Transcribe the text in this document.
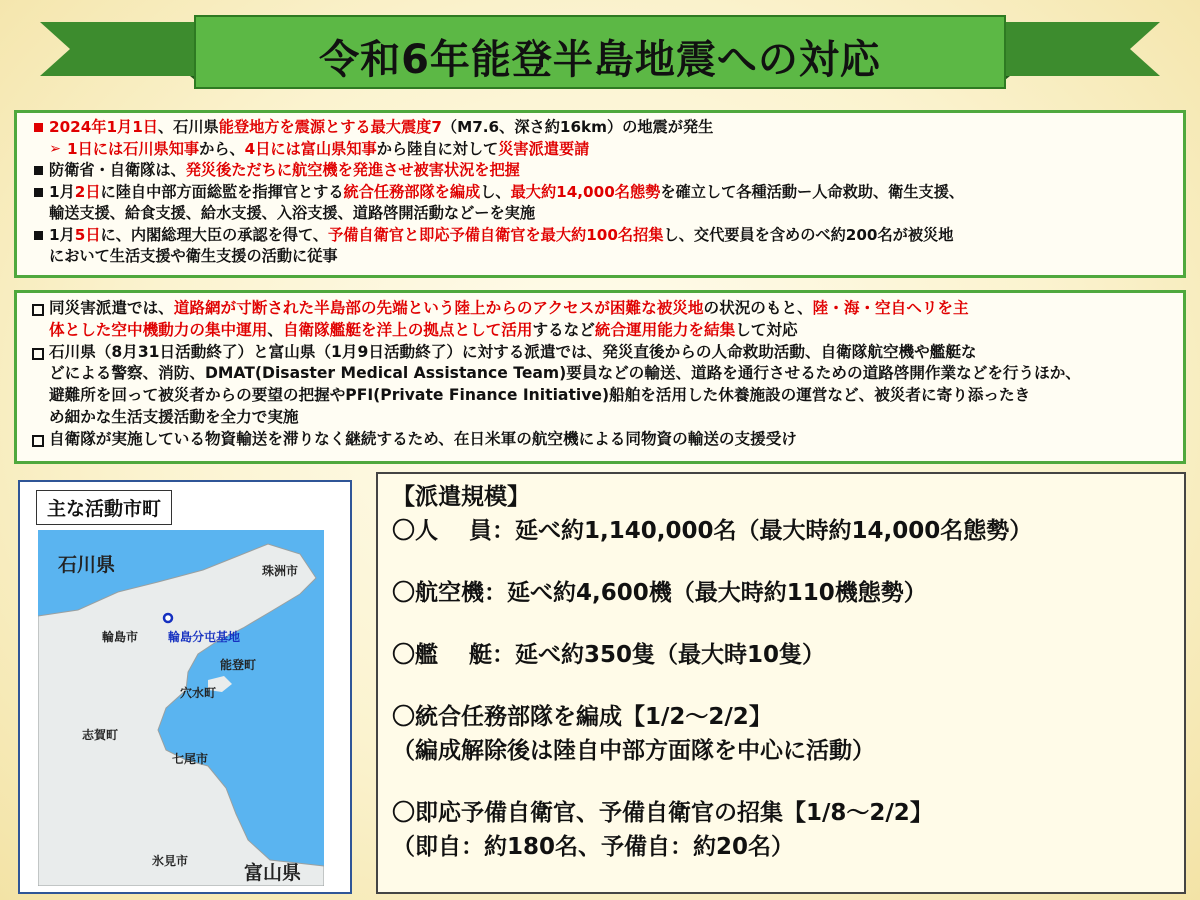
令和6年能登半島地震への対応
2024年1月1日、石川県能登地方を震源とする最大震度7（M7.6、深さ約16km）の地震が発生
➢ 1日には石川県知事から、4日には富山県知事から陸自に対して災害派遣要請
防衛省・自衛隊は、発災後ただちに航空機を発進させ被害状況を把握
1月2日に陸自中部方面総監を指揮官とする統合任務部隊を編成し、最大約14,000名態勢を確立して各種活動ー人命救助、衛生支援、
輸送支援、給食支援、給水支援、入浴支援、道路啓開活動などーを実施
1月5日に、内閣総理大臣の承認を得て、予備自衛官と即応予備自衛官を最大約100名招集し、交代要員を含めのべ約200名が被災地
において生活支援や衛生支援の活動に従事
同災害派遣では、道路網が寸断された半島部の先端という陸上からのアクセスが困難な被災地の状況のもと、陸・海・空自ヘリを主
体とした空中機動力の集中運用、自衛隊艦艇を洋上の拠点として活用するなど統合運用能力を結集して対応
石川県（8月31日活動終了）と富山県（1月9日活動終了）に対する派遣では、発災直後からの人命救助活動、自衛隊航空機や艦艇な
どによる警察、消防、DMAT(Disaster Medical Assistance Team)要員などの輸送、道路を通行させるための道路啓開作業などを行うほか、
避難所を回って被災者からの要望の把握やPFI(Private Finance Initiative)船舶を活用した休養施設の運営など、被災者に寄り添ったき
め細かな生活支援活動を全力で実施
自衛隊が実施している物資輸送を滞りなく継続するため、在日米軍の航空機による同物資の輸送の支援受け
主な活動市町
石川県
富山県
珠洲市
輪島市 輪島分屯基地
能登町
穴水町
志賀町
七尾市
氷見市
【派遣規模】
〇人　 員：延べ約1,140,000名（最大時約14,000名態勢）
〇航空機：延べ約4,600機（最大時約110機態勢）
〇艦　 艇：延べ約350隻（最大時10隻）
〇統合任務部隊を編成【1/2～2/2】
（編成解除後は陸自中部方面隊を中心に活動）
〇即応予備自衛官、予備自衛官の招集【1/8～2/2】
（即自：約180名、予備自：約20名）
